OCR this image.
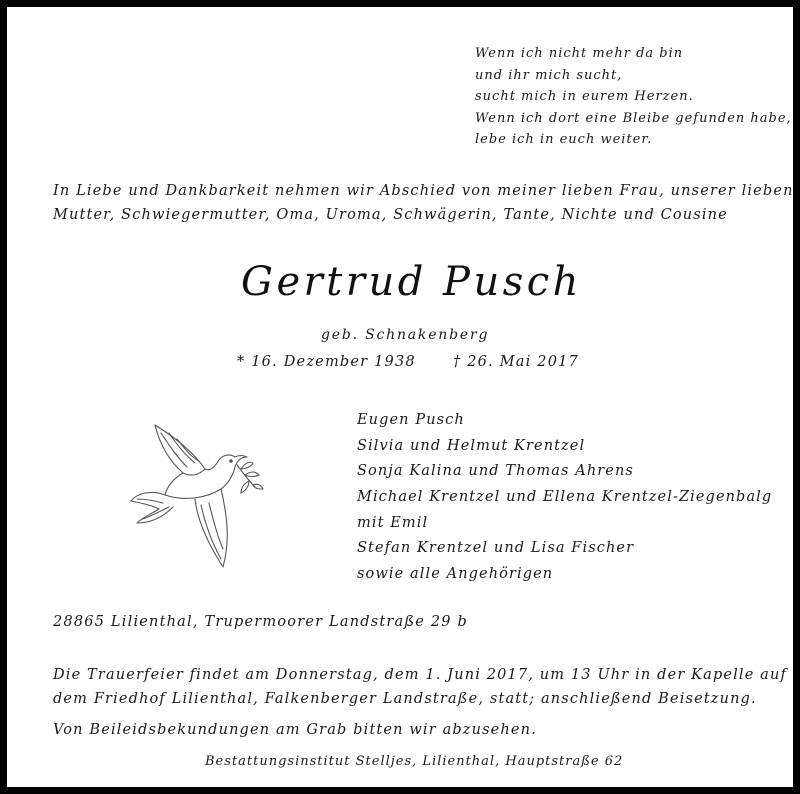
Wenn ich nicht mehr da bin
und ihr mich sucht,
sucht mich in eurem Herzen.
Wenn ich dort eine Bleibe gefunden habe,
lebe ich in euch weiter.
In Liebe und Dankbarkeit nehmen wir Abschied von meiner lieben Frau, unserer lieben
Mutter, Schwiegermutter, Oma, Uroma, Schwägerin, Tante, Nichte und Cousine
Gertrud Pusch
geb. Schnakenberg
* 16. Dezember 1938	† 26. Mai 2017
Eugen Pusch
Silvia und Helmut Krentzel
Sonja Kalina und Thomas Ahrens
Michael Krentzel und Ellena Krentzel-Ziegenbalg
mit Emil
Stefan Krentzel und Lisa Fischer
sowie alle Angehörigen
28865 Lilienthal, Trupermoorer Landstraße 29 b
Die Trauerfeier findet am Donnerstag, dem 1. Juni 2017, um 13 Uhr in der Kapelle auf
dem Friedhof Lilienthal, Falkenberger Landstraße, statt; anschließend Beisetzung.
Von Beileidsbekundungen am Grab bitten wir abzusehen.
Bestattungsinstitut Stelljes, Lilienthal, Hauptstraße 62
